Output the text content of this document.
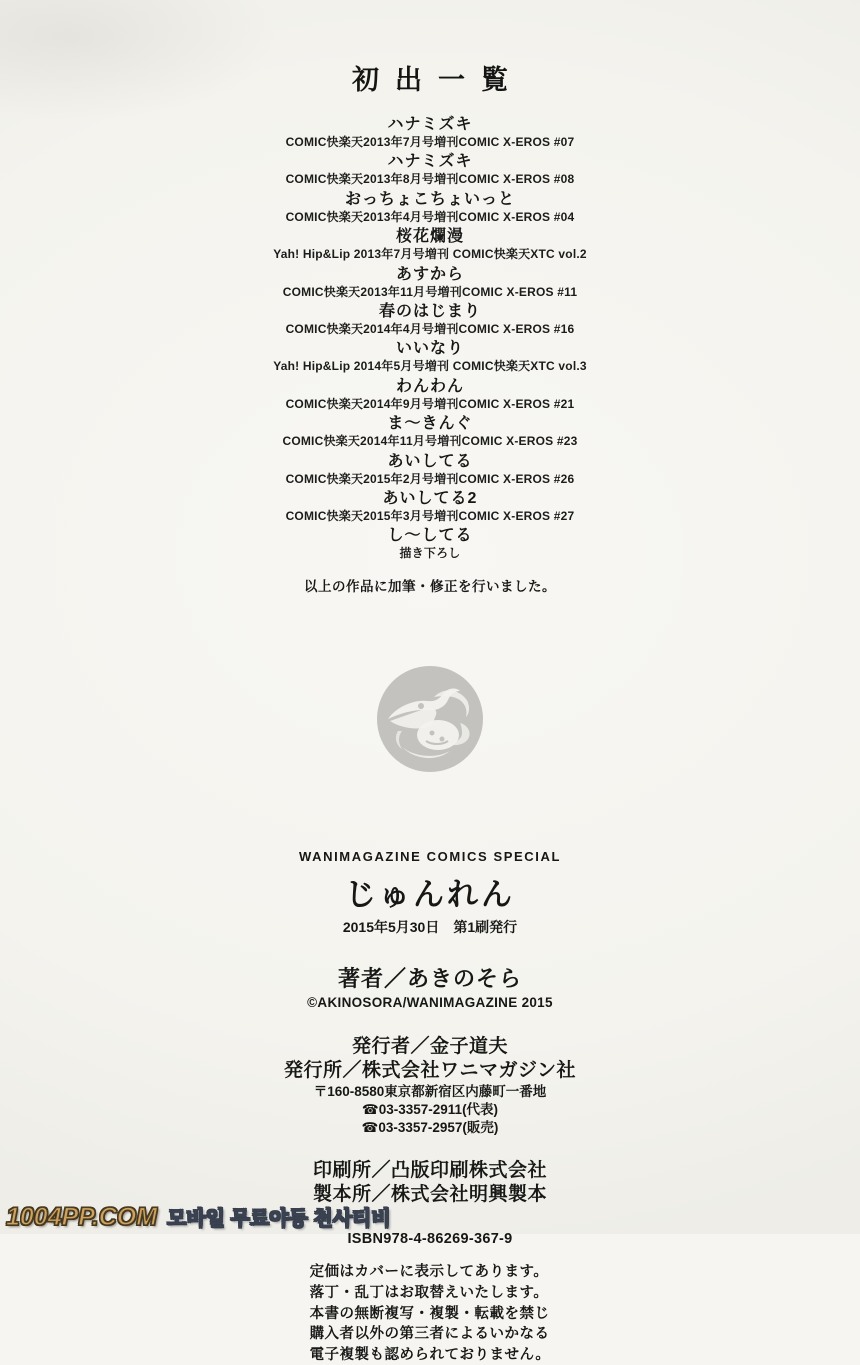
初出一覧
ハナミズキ
COMIC快楽天2013年7月号増刊COMIC X-EROS #07
ハナミズキ
COMIC快楽天2013年8月号増刊COMIC X-EROS #08
おっちょこちょいっと
COMIC快楽天2013年4月号増刊COMIC X-EROS #04
桜花爛漫
Yah! Hip&Lip 2013年7月号増刊 COMIC快楽天XTC vol.2
あすから
COMIC快楽天2013年11月号増刊COMIC X-EROS #11
春のはじまり
COMIC快楽天2014年4月号増刊COMIC X-EROS #16
いいなり
Yah! Hip&Lip 2014年5月号増刊 COMIC快楽天XTC vol.3
わんわん
COMIC快楽天2014年9月号増刊COMIC X-EROS #21
ま〜きんぐ
COMIC快楽天2014年11月号増刊COMIC X-EROS #23
あいしてる
COMIC快楽天2015年2月号増刊COMIC X-EROS #26
あいしてる2
COMIC快楽天2015年3月号増刊COMIC X-EROS #27
し〜してる
描き下ろし
以上の作品に加筆・修正を行いました。
WANIMAGAZINE COMICS SPECIAL
じゅんれん
2015年5月30日　第1刷発行
著者／あきのそら
©AKINOSORA/WANIMAGAZINE 2015
発行者／金子道夫
発行所／株式会社ワニマガジン社
〒160-8580東京都新宿区内藤町一番地
☎03-3357-2911(代表)
☎03-3357-2957(販売)
印刷所／凸版印刷株式会社
製本所／株式会社明興製本
ISBN978-4-86269-367-9
定価はカバーに表示してあります。
落丁・乱丁はお取替えいたします。
本書の無断複写・複製・転載を禁じ
購入者以外の第三者によるいかなる
電子複製も認められておりません。
1004PP.COM 모바일 무료야동 천사티비
